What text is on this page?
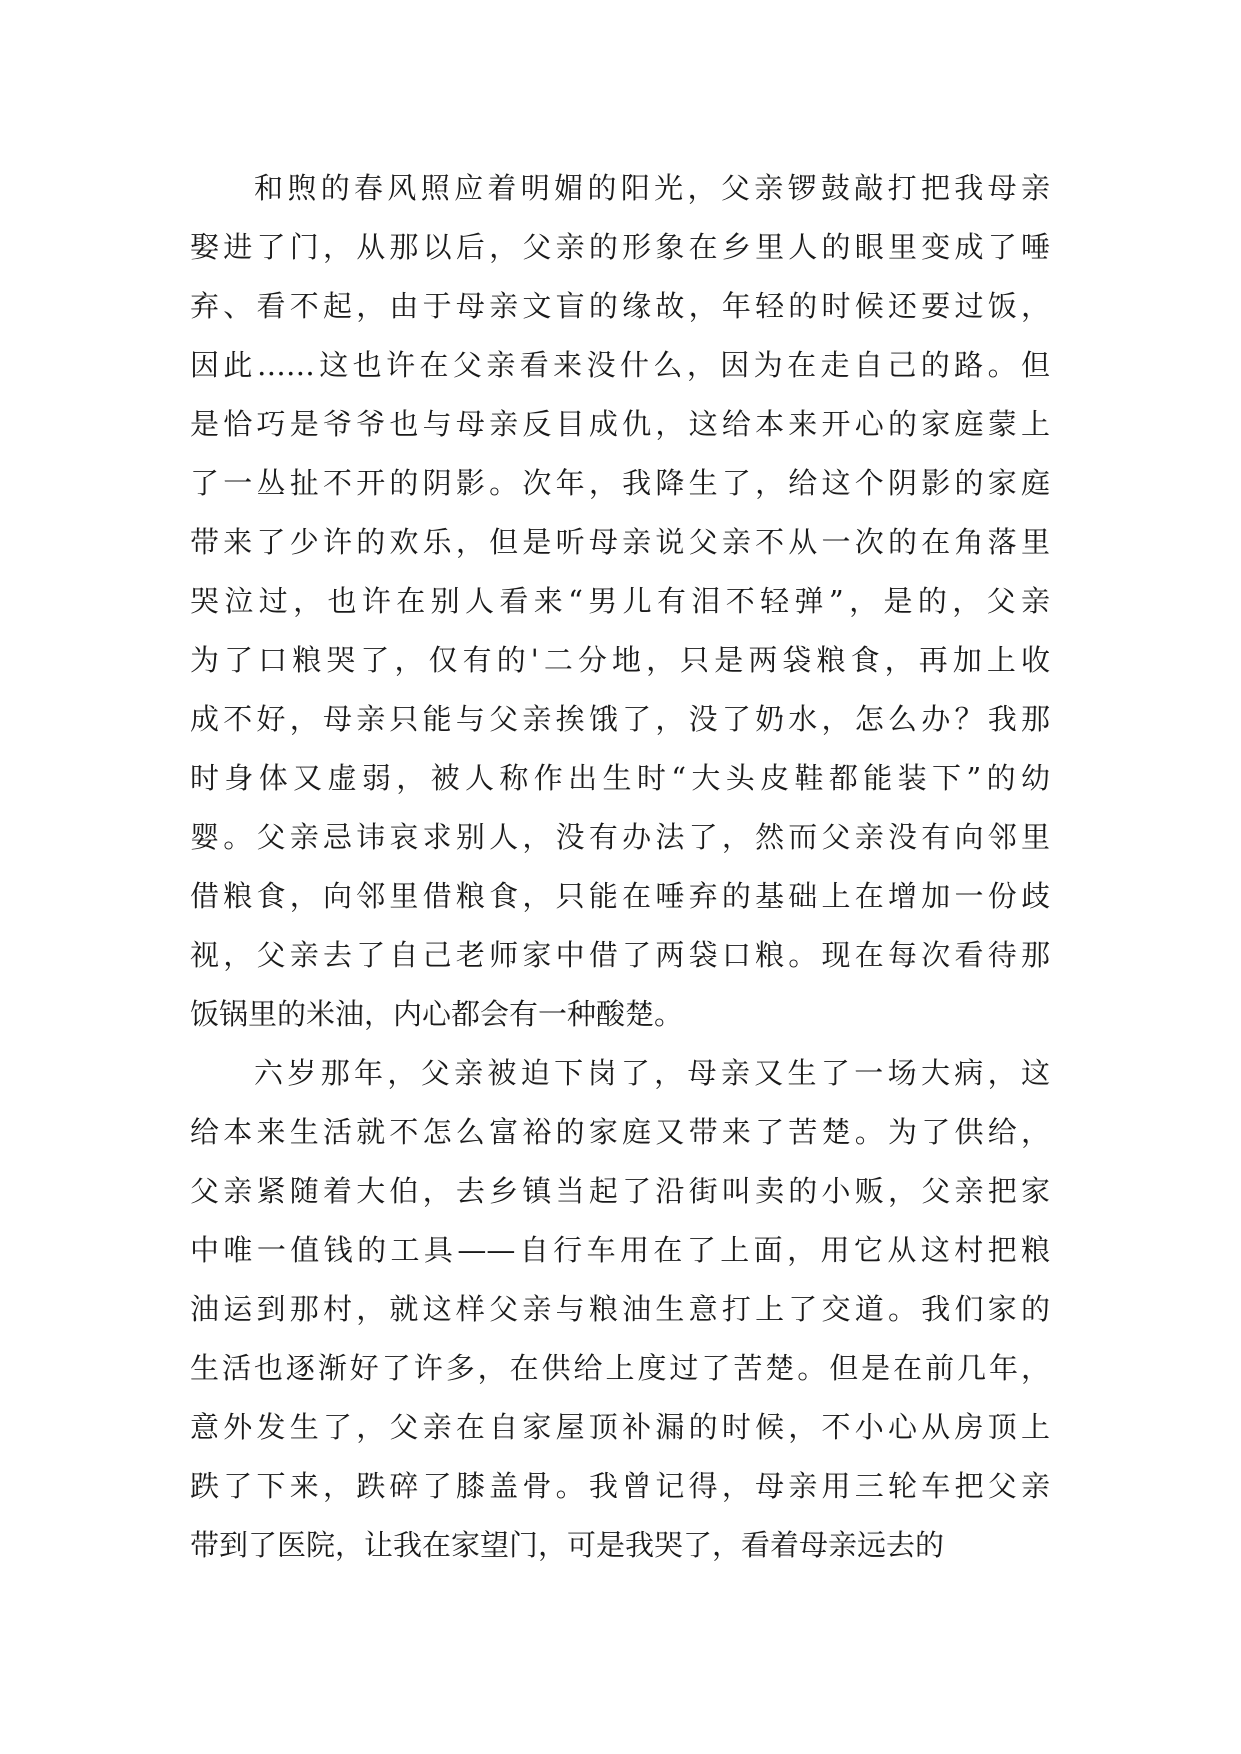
和煦的春风照应着明媚的阳光，父亲锣鼓敲打把我母亲
娶进了门，从那以后，父亲的形象在乡里人的眼里变成了唾
弃、看不起，由于母亲文盲的缘故，年轻的时候还要过饭，
因此……这也许在父亲看来没什么，因为在走自己的路。但
是恰巧是爷爷也与母亲反目成仇，这给本来开心的家庭蒙上
了一丛扯不开的阴影。次年，我降生了，给这个阴影的家庭
带来了少许的欢乐，但是听母亲说父亲不从一次的在角落里
哭泣过，也许在别人看来“男儿有泪不轻弹”，是的，父亲
为了口粮哭了，仅有的'二分地，只是两袋粮食，再加上收
成不好，母亲只能与父亲挨饿了，没了奶水，怎么办？我那
时身体又虚弱，被人称作出生时“大头皮鞋都能装下”的幼
婴。父亲忌讳哀求别人，没有办法了，然而父亲没有向邻里
借粮食，向邻里借粮食，只能在唾弃的基础上在增加一份歧
视，父亲去了自己老师家中借了两袋口粮。现在每次看待那
饭锅里的米油，内心都会有一种酸楚。
六岁那年，父亲被迫下岗了，母亲又生了一场大病，这
给本来生活就不怎么富裕的家庭又带来了苦楚。为了供给，
父亲紧随着大伯，去乡镇当起了沿街叫卖的小贩，父亲把家
中唯一值钱的工具——自行车用在了上面，用它从这村把粮
油运到那村，就这样父亲与粮油生意打上了交道。我们家的
生活也逐渐好了许多，在供给上度过了苦楚。但是在前几年，
意外发生了，父亲在自家屋顶补漏的时候，不小心从房顶上
跌了下来，跌碎了膝盖骨。我曾记得，母亲用三轮车把父亲
带到了医院，让我在家望门，可是我哭了，看着母亲远去的
